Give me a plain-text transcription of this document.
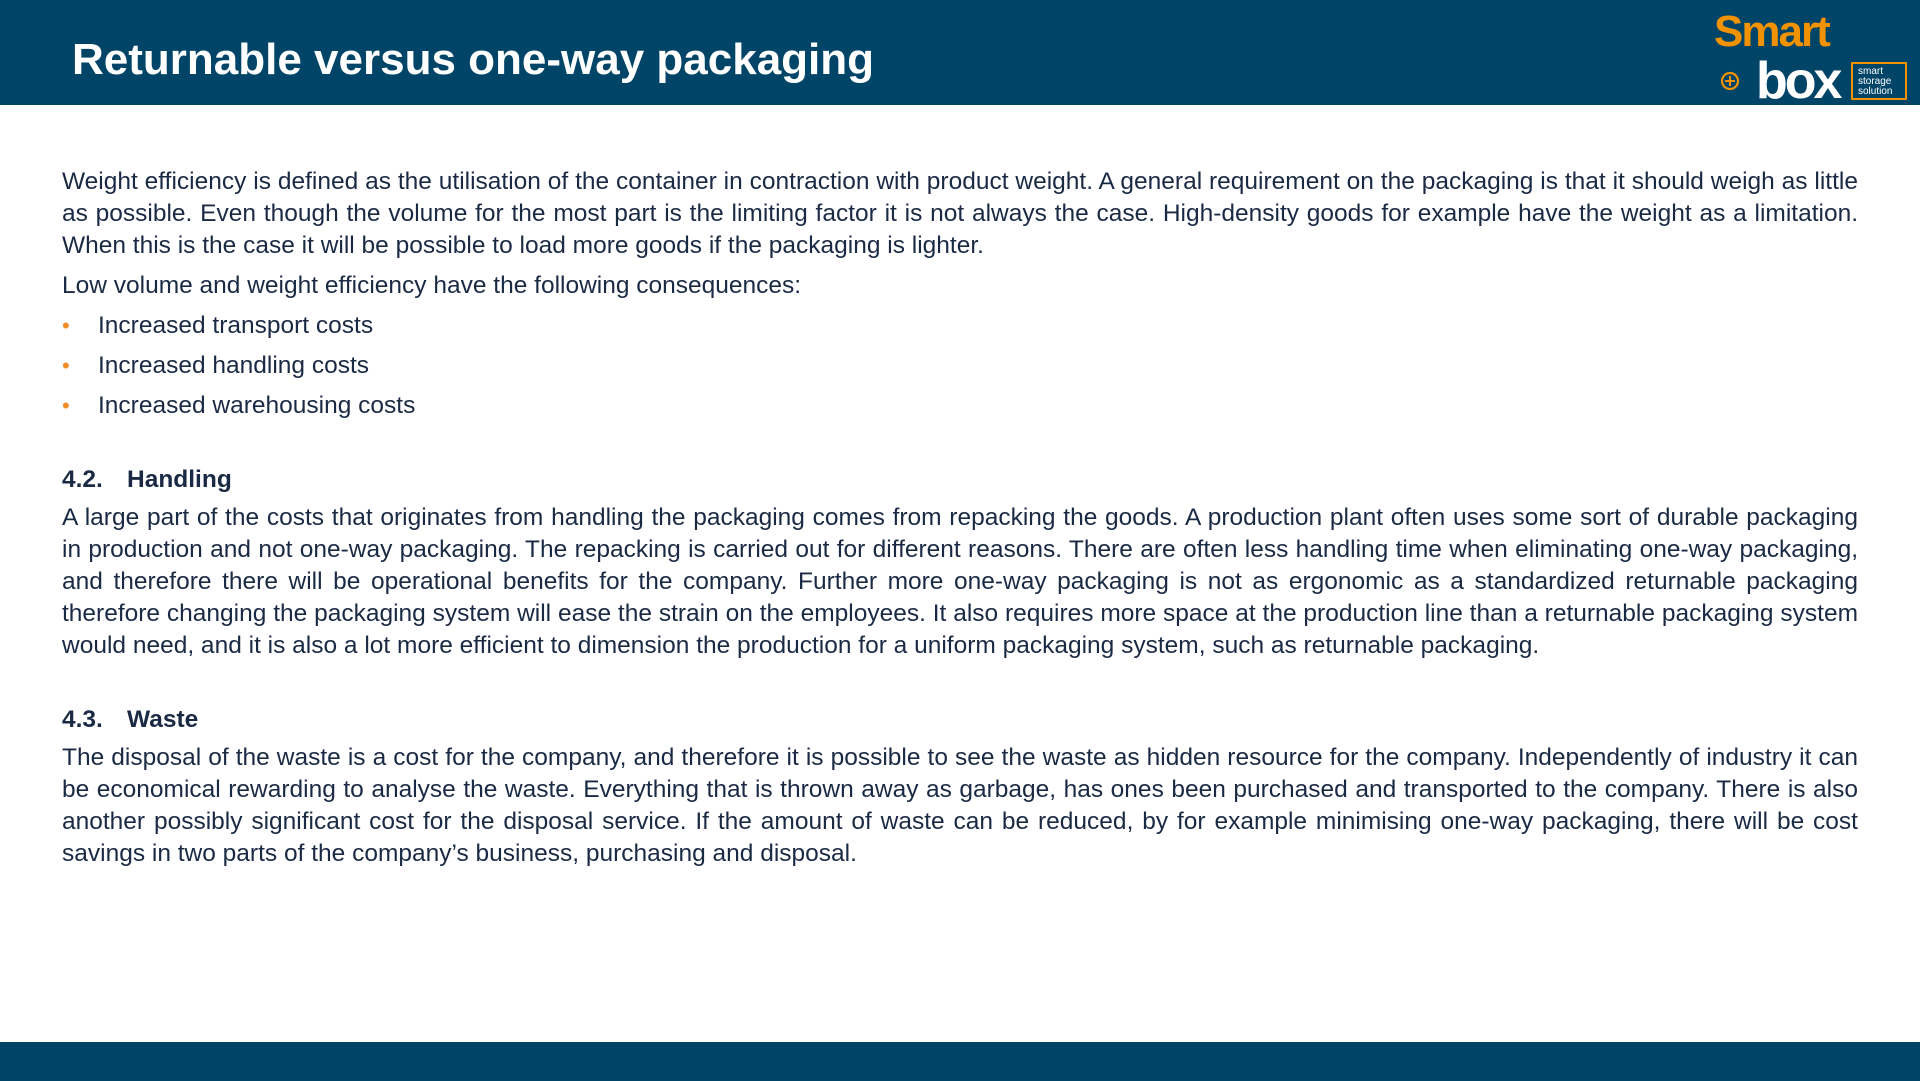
Returnable versus one-way packaging
Smart
box	smart
storage
solution

Weight efficiency is defined as the utilisation of the container in contraction with product weight. A general requirement on the packaging is that it should weigh as little as possible. Even though the volume for the most part is the limiting factor it is not always the case. High-density goods for example have the weight as a limitation. When this is the case it will be possible to load more goods if the packaging is lighter.

Low volume and weight efficiency have the following consequences:

• Increased transport costs
• Increased handling costs
• Increased warehousing costs
4.2. Handling

A large part of the costs that originates from handling the packaging comes from repacking the goods. A production plant often uses some sort of durable packaging in production and not one-way packaging. The repacking is carried out for different reasons. There are often less handling time when eliminating one-way packaging, and therefore there will be operational benefits for the company. Further more one-way packaging is not as ergonomic as a standardized returnable packaging therefore changing the packaging system will ease the strain on the employees. It also requires more space at the production line than a returnable packaging system would need, and it is also a lot more efficient to dimension the production for a uniform packaging system, such as returnable packaging.

4.3. Waste

The disposal of the waste is a cost for the company, and therefore it is possible to see the waste as hidden resource for the company. Independently of industry it can be economical rewarding to analyse the waste. Everything that is thrown away as garbage, has ones been purchased and transported to the company. There is also another possibly significant cost for the disposal service. If the amount of waste can be reduced, by for example minimising one-way packaging, there will be cost savings in two parts of the company’s business, purchasing and disposal.
